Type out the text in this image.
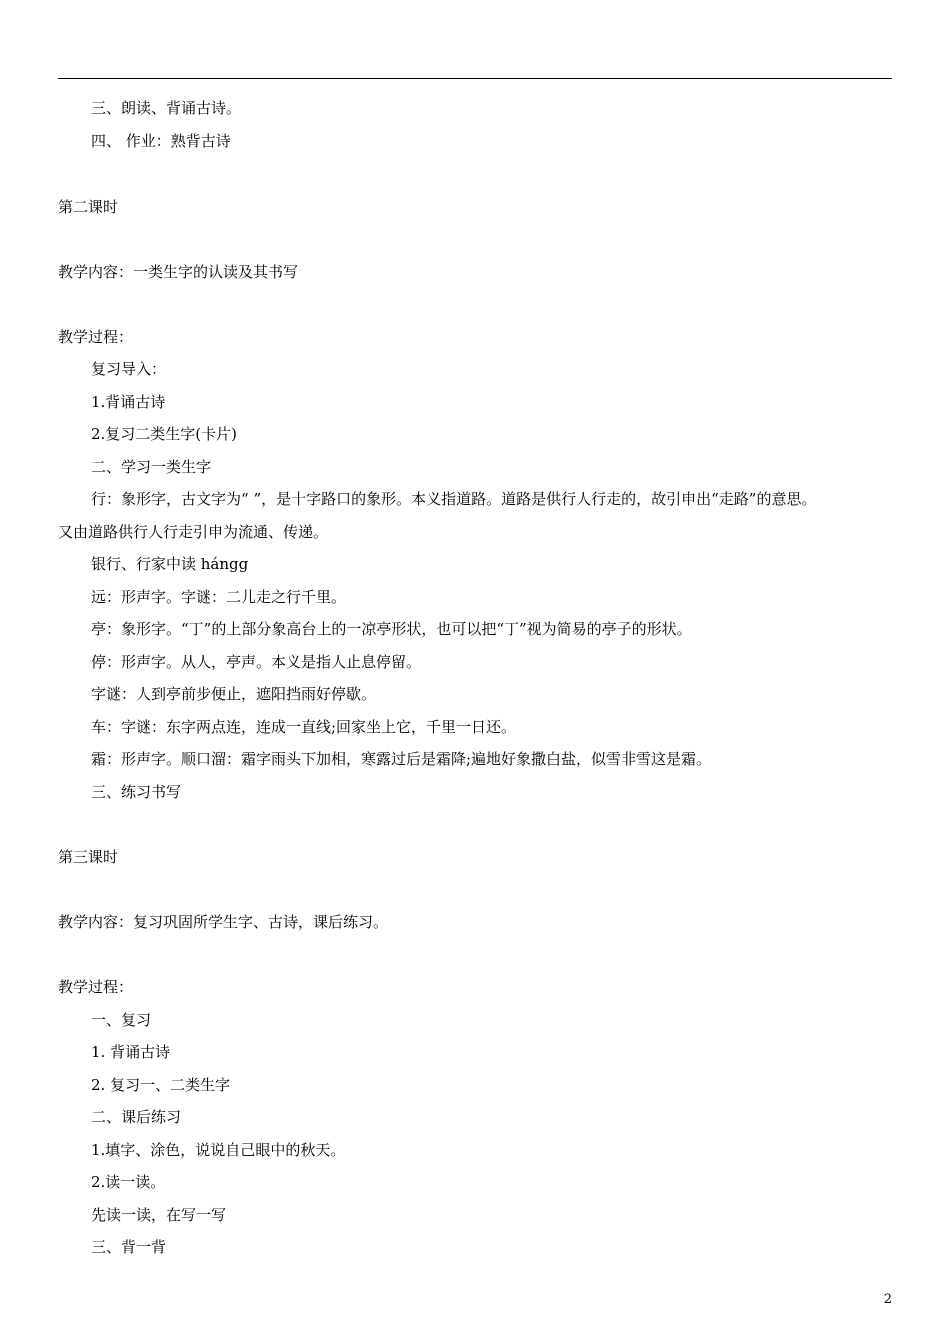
三、朗读、背诵古诗。
四、 作业：熟背古诗
第二课时
教学内容：一类生字的认读及其书写
教学过程：
复习导入：
1.背诵古诗
2.复习二类生字(卡片)
二、学习一类生字
行：象形字，古文字为“ ”，是十字路口的象形。本义指道路。道路是供行人行走的，故引申出“走路”的意思。
又由道路供行人行走引申为流通、传递。
银行、行家中读 hángg
远：形声字。字谜：二儿走之行千里。
亭：象形字。“丁”的上部分象高台上的一凉亭形状，也可以把“丁”视为简易的亭子的形状。
停：形声字。从人，亭声。本义是指人止息停留。
字谜：人到亭前步便止，遮阳挡雨好停歇。
车：字谜：东字两点连，连成一直线;回家坐上它，千里一日还。
霜：形声字。顺口溜：霜字雨头下加相，寒露过后是霜降;遍地好象撒白盐，似雪非雪这是霜。
三、练习书写
第三课时
教学内容：复习巩固所学生字、古诗，课后练习。
教学过程：
一、复习
1. 背诵古诗
2. 复习一、二类生字
二、课后练习
1.填字、涂色，说说自己眼中的秋天。
2.读一读。
先读一读，在写一写
三、背一背
2
